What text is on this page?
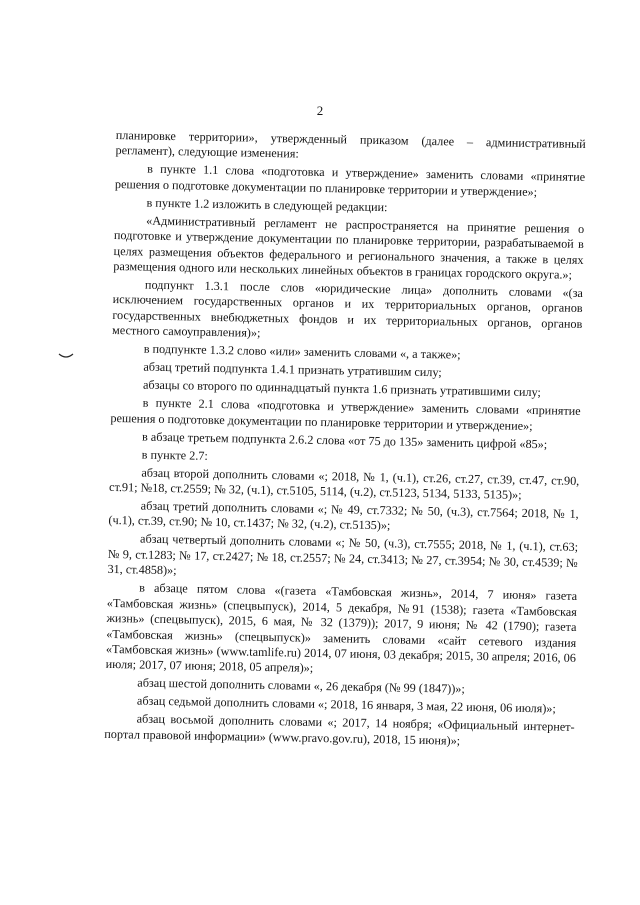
2

планировке территории», утвержденный приказом (далее – административный регламент), следующие изменения:

в пункте 1.1 слова «подготовка и утверждение» заменить словами «принятие решения о подготовке документации по планировке территории и утверждение»;

в пункте 1.2 изложить в следующей редакции:

«Административный регламент не распространяется на принятие решения о подготовке и утверждение документации по планировке территории, разрабатываемой в целях размещения объектов федерального и регионального значения, а также в целях размещения одного или нескольких линейных объектов в границах городского округа.»;

подпункт 1.3.1 после слов «юридические лица» дополнить словами «(за исключением государственных органов и их территориальных органов, органов государственных внебюджетных фондов и их территориальных органов, органов местного самоуправления)»;

в подпункте 1.3.2 слово «или» заменить словами «, а также»;

абзац третий подпункта 1.4.1 признать утратившим силу;

абзацы со второго по одиннадцатый пункта 1.6 признать утратившими силу;

в пункте 2.1 слова «подготовка и утверждение» заменить словами «принятие решения о подготовке документации по планировке территории и утверждение»;

в абзаце третьем подпункта 2.6.2 слова «от 75 до 135» заменить цифрой «85»;

в пункте 2.7:

абзац второй дополнить словами «; 2018, № 1, (ч.1), ст.26, ст.27, ст.39, ст.47, ст.90, ст.91; №18, ст.2559; № 32, (ч.1), ст.5105, 5114, (ч.2), ст.5123, 5134, 5133, 5135)»;

абзац третий дополнить словами «; № 49, ст.7332; № 50, (ч.3), ст.7564; 2018, № 1, (ч.1), ст.39, ст.90; № 10, ст.1437; № 32, (ч.2), ст.5135)»;

абзац четвертый дополнить словами «; № 50, (ч.3), ст.7555; 2018, № 1, (ч.1), ст.63; № 9, ст.1283; № 17, ст.2427; № 18, ст.2557; № 24, ст.3413; № 27, ст.3954; № 30, ст.4539; № 31, ст.4858)»;

в абзаце пятом слова «(газета «Тамбовская жизнь», 2014, 7 июня» газета «Тамбовская жизнь» (спецвыпуск), 2014, 5 декабря, №91 (1538); газета «Тамбовская жизнь» (спецвыпуск), 2015, 6 мая, № 32 (1379)); 2017, 9 июня; № 42 (1790); газета «Тамбовская жизнь» (спецвыпуск)» заменить словами «сайт сетевого издания «Тамбовская жизнь» (www.tamlife.ru) 2014, 07 июня, 03 декабря; 2015, 30 апреля; 2016, 06 июля; 2017, 07 июня; 2018, 05 апреля)»;

абзац шестой дополнить словами «, 26 декабря (№ 99 (1847))»;

абзац седьмой дополнить словами «; 2018, 16 января, 3 мая, 22 июня, 06 июля)»;

абзац восьмой дополнить словами «; 2017, 14 ноября; «Официальный интернет-портал правовой информации» (www.pravo.gov.ru), 2018, 15 июня)»;
